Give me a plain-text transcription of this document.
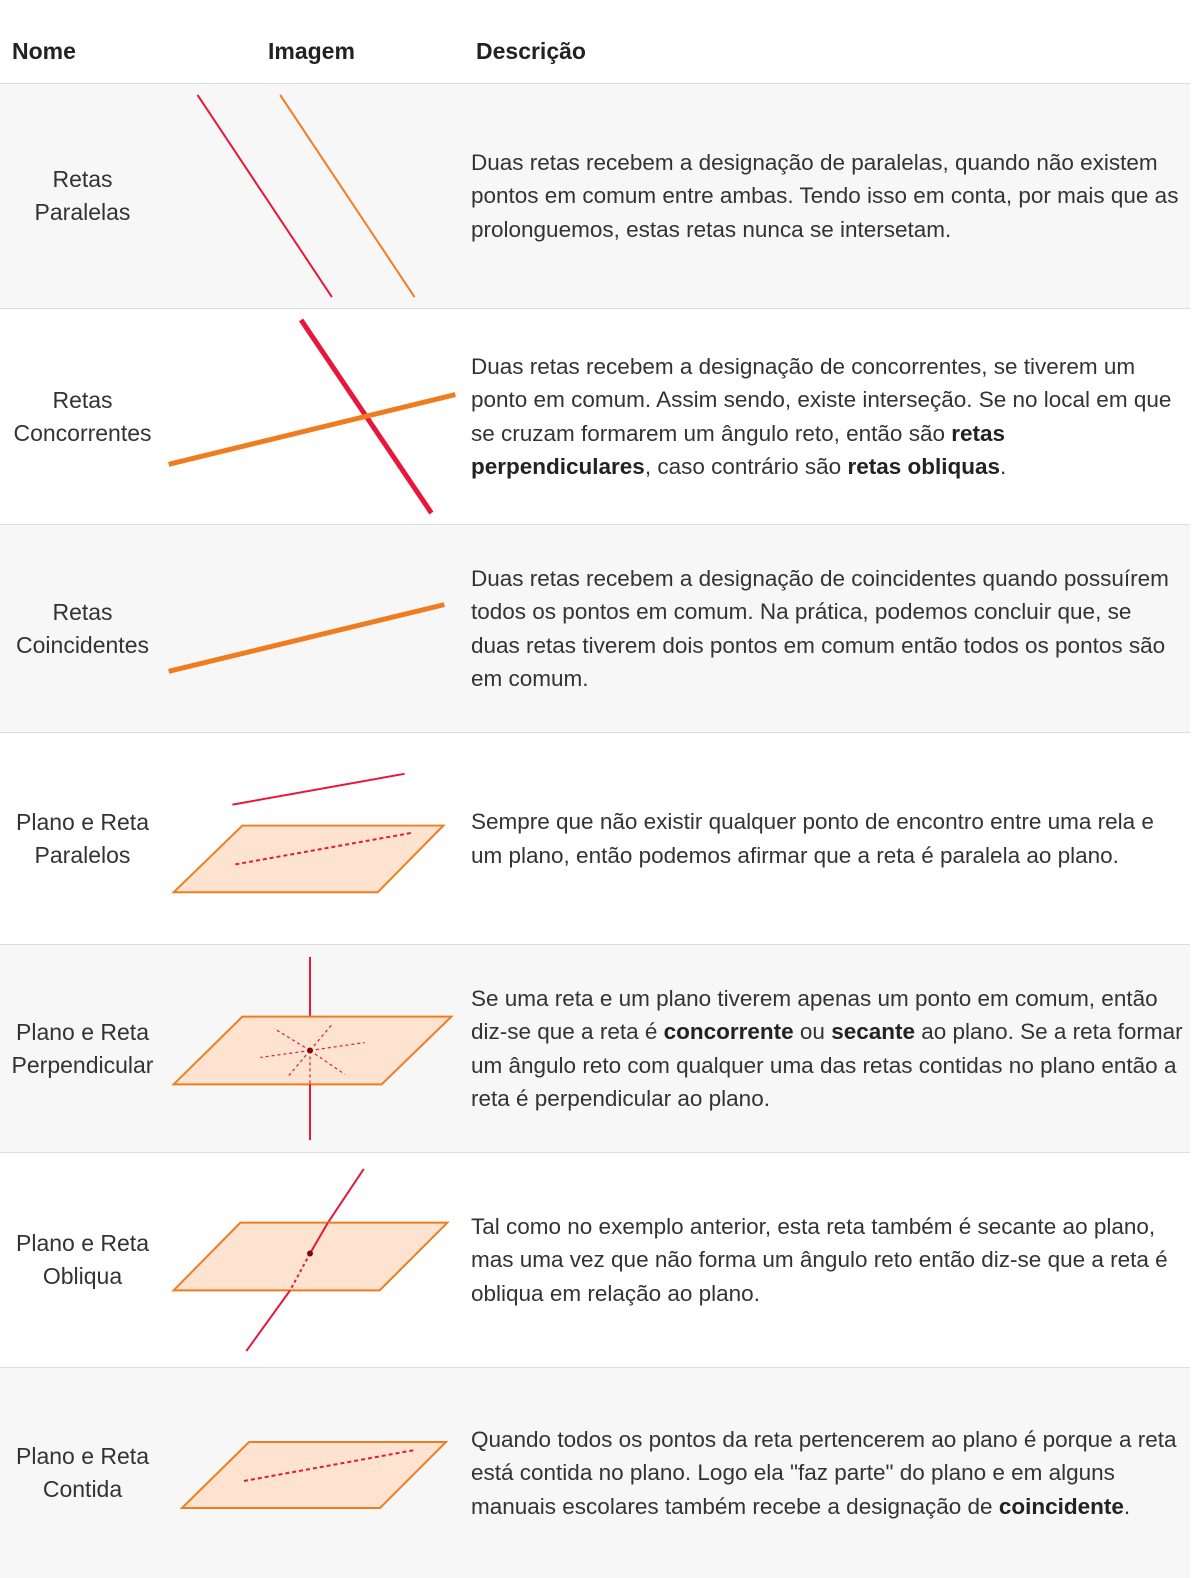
Nome	Imagem	Descrição
Retas
Paralelas

Duas retas recebem a designação de paralelas, quando não existem pontos em comum entre ambas. Tendo isso em conta, por mais que as prolonguemos, estas retas nunca se intersetam.

Retas
Concorrentes

Duas retas recebem a designação de concorrentes, se tiverem um ponto em comum. Assim sendo, existe interseção. Se no local em que se cruzam formarem um ângulo reto, então são retas perpendiculares, caso contrário são retas obliquas.

Retas
Coincidentes

Duas retas recebem a designação de coincidentes quando possuírem todos os pontos em comum. Na prática, podemos concluir que, se duas retas tiverem dois pontos em comum então todos os pontos são em comum.

Plano e Reta
Paralelos

Sempre que não existir qualquer ponto de encontro entre uma rela e um plano, então podemos afirmar que a reta é paralela ao plano.

Plano e Reta
Perpendicular

Se uma reta e um plano tiverem apenas um ponto em comum, então diz-se que a reta é concorrente ou secante ao plano. Se a reta formar um ângulo reto com qualquer uma das retas contidas no plano então a reta é perpendicular ao plano.

Plano e Reta
Obliqua

Tal como no exemplo anterior, esta reta também é secante ao plano, mas uma vez que não forma um ângulo reto então diz-se que a reta é obliqua em relação ao plano.

Plano e Reta
Contida

Quando todos os pontos da reta pertencerem ao plano é porque a reta está contida no plano. Logo ela "faz parte" do plano e em alguns manuais escolares também recebe a designação de coincidente.
